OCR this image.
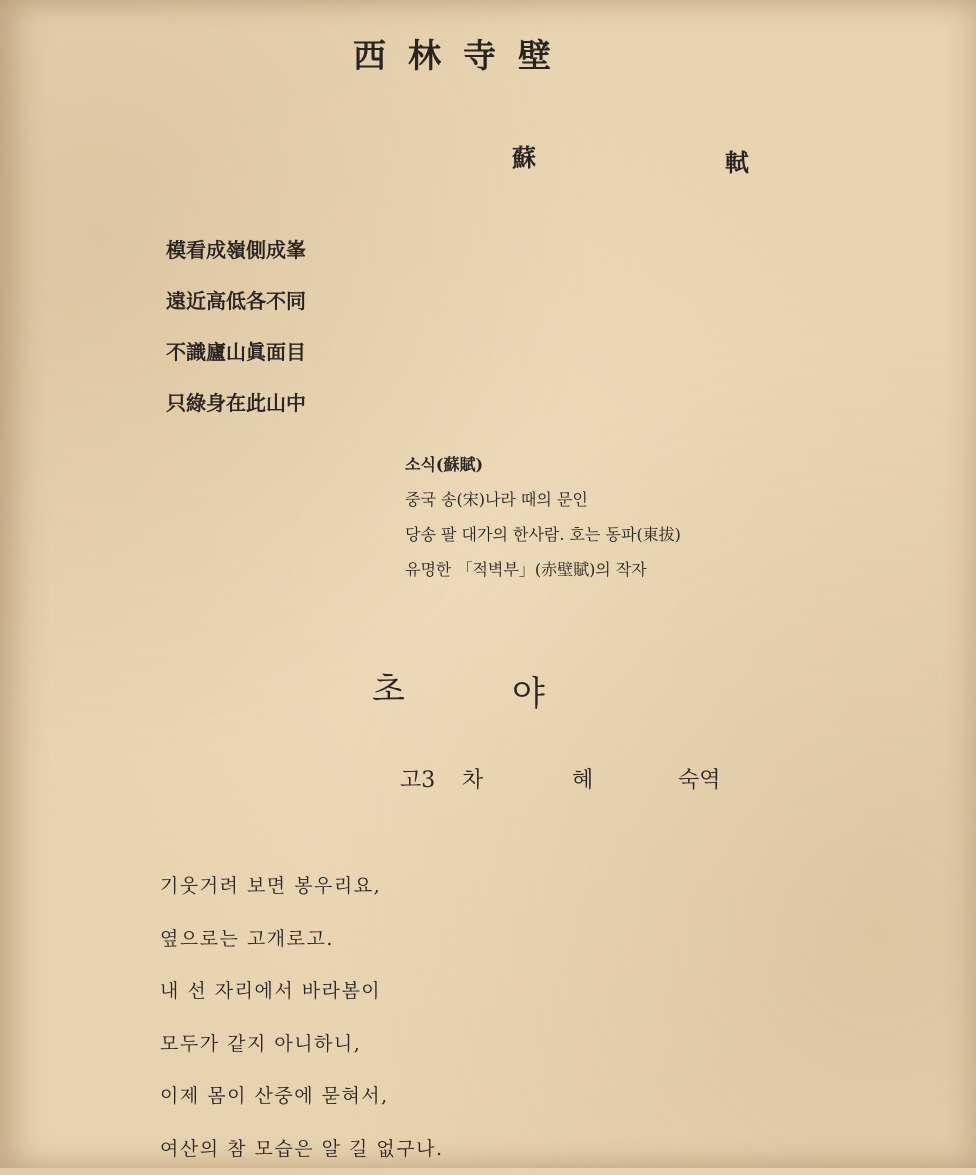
西林寺壁
蘇	軾
模看成嶺側成峯
遠近高低各不同
不識廬山眞面目
只綠身在此山中
소식(蘇賦)
중국 송(宋)나라 때의 문인
당송 팔 대가의 한사람. 호는 동파(東拔)
유명한 「적벽부」(赤壁賦)의 작자
초	야
고3 차	혜	숙역
기웃거려 보면 봉우리요,
옆으로는 고개로고.
내 선 자리에서 바라봄이
모두가 같지 아니하니,
이제 몸이 산중에 묻혀서,
여산의 참 모습은 알 길 없구나.
